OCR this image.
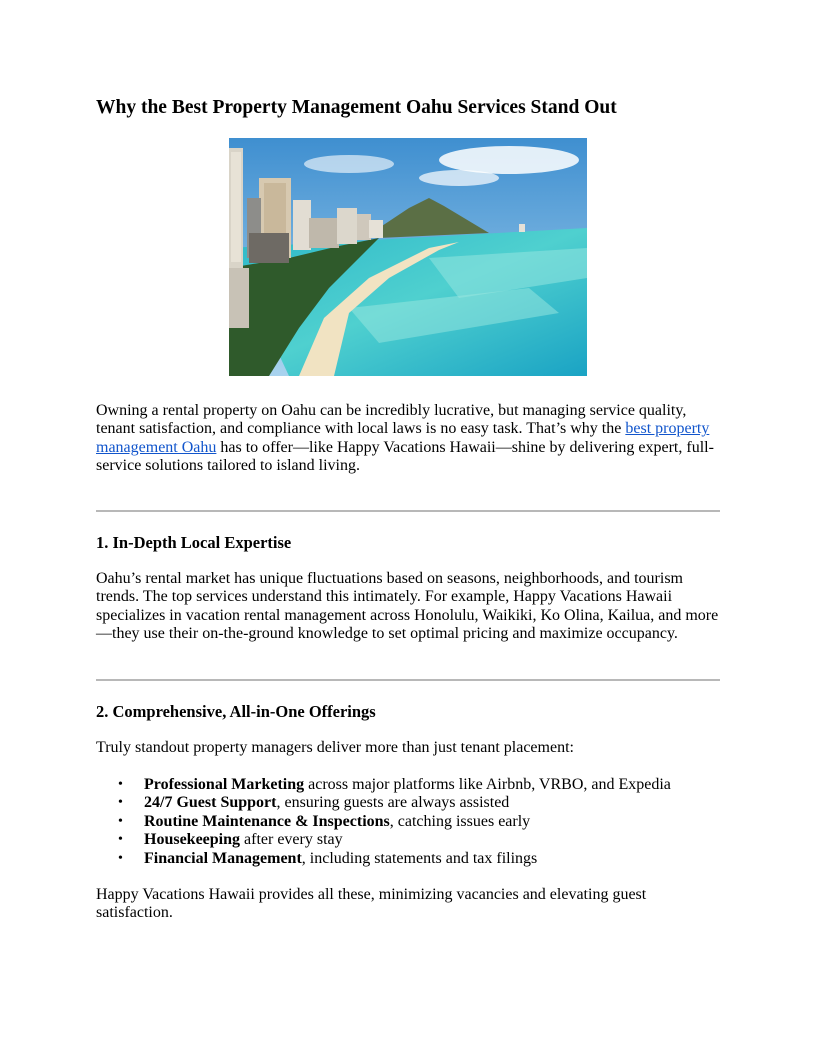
Why the Best Property Management Oahu Services Stand Out

Owning a rental property on Oahu can be incredibly lucrative, but managing service quality, tenant satisfaction, and compliance with local laws is no easy task. That’s why the best property management Oahu has to offer—like Happy Vacations Hawaii—shine by delivering expert, full-service solutions tailored to island living.

1. In-Depth Local Expertise

Oahu’s rental market has unique fluctuations based on seasons, neighborhoods, and tourism trends. The top services understand this intimately. For example, Happy Vacations Hawaii specializes in vacation rental management across Honolulu, Waikiki, Ko Olina, Kailua, and more—they use their on-the-ground knowledge to set optimal pricing and maximize occupancy.

2. Comprehensive, All-in-One Offerings

Truly standout property managers deliver more than just tenant placement:

• Professional Marketing across major platforms like Airbnb, VRBO, and Expedia
• 24/7 Guest Support, ensuring guests are always assisted
• Routine Maintenance & Inspections, catching issues early
• Housekeeping after every stay
• Financial Management, including statements and tax filings

Happy Vacations Hawaii provides all these, minimizing vacancies and elevating guest satisfaction.
